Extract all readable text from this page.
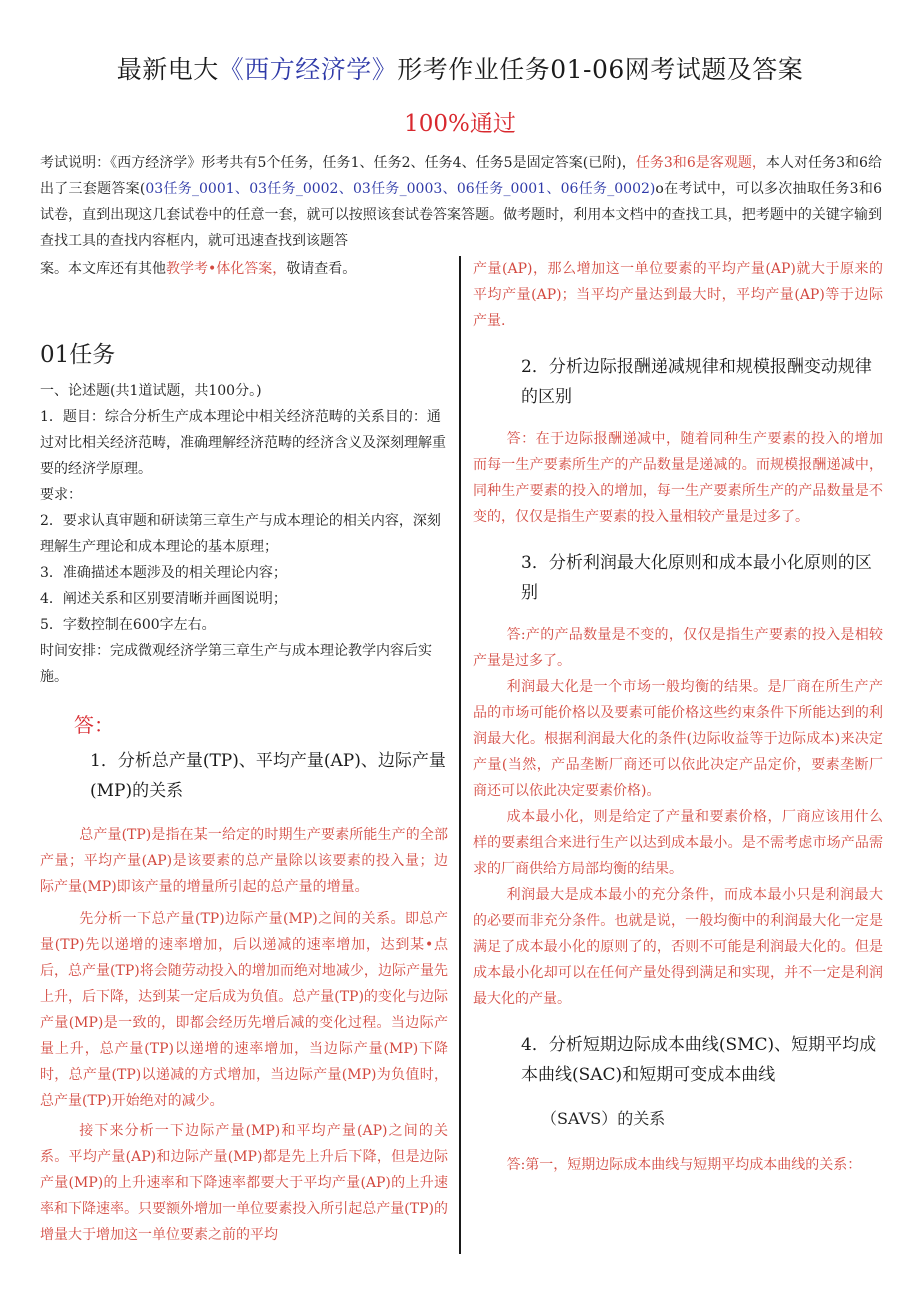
最新电大《西方经济学》形考作业任务01-06网考试题及答案
100%通过
考试说明：《西方经济学》形考共有5个任务，任务1、任务2、任务4、任务5是固定答案(已附)，任务3和6是客观题，本人对任务3和6给出了三套题答案(03任务_0001、03任务_0002、03任务_0003、06任务_0001、06任务_0002)o在考试中，可以多次抽取任务3和6试卷，直到出现这几套试卷中的任意一套，就可以按照该套试卷答案答题。做考题时，利用本文档中的查找工具，把考题中的关键字输到查找工具的查找内容框内，就可迅速查找到该题答

案。本文库还有其他教学考•体化答案，敬请查看。

01任务

一、论述题(共1道试题，共100分。)

1．题目：综合分析生产成本理论中相关经济范畴的关系目的：通过对比相关经济范畴，准确理解经济范畴的经济含义及深刻理解重要的经济学原理。

要求：

2．要求认真审题和研读第三章生产与成本理论的相关内容，深刻理解生产理论和成本理论的基本原理；

3．准确描述本题涉及的相关理论内容；

4．阐述关系和区别要清晰并画图说明；

5．字数控制在600字左右。

时间安排：完成微观经济学第三章生产与成本理论教学内容后实施。

答：

1．分析总产量(TP)、平均产量(AP)、边际产量(MP)的关系

总产量(TP)是指在某一给定的时期生产要素所能生产的全部产量；平均产量(AP)是该要素的总产量除以该要素的投入量；边际产量(MP)即该产量的增量所引起的总产量的增量。

先分析一下总产量(TP)边际产量(MP)之间的关系。即总产量(TP)先以递增的速率增加，后以递减的速率增加，达到某•点后，总产量(TP)将会随劳动投入的增加而绝对地减少，边际产量先上升，后下降，达到某一定后成为负值。总产量(TP)的变化与边际产量(MP)是一致的，即都会经历先增后减的变化过程。当边际产量上升，总产量(TP)以递增的速率增加，当边际产量(MP)下降时，总产量(TP)以递减的方式增加，当边际产量(MP)为负值时，总产量(TP)开始绝对的减少。

接下来分析一下边际产量(MP)和平均产量(AP)之间的关系。平均产量(AP)和边际产量(MP)都是先上升后下降，但是边际产量(MP)的上升速率和下降速率都要大于平均产量(AP)的上升速率和下降速率。只要额外增加一单位要素投入所引起总产量(TP)的增量大于增加这一单位要素之前的平均

产量(AP)，那么增加这一单位要素的平均产量(AP)就大于原来的平均产量(AP)；当平均产量达到最大时，平均产量(AP)等于边际产量.

2．分析边际报酬递减规律和规模报酬变动规律的区别

答：在于边际报酬递减中，随着同种生产要素的投入的增加而每一生产要素所生产的产品数量是递减的。而规模报酬递减中，同种生产要素的投入的增加，每一生产要素所生产的产品数量是不变的，仅仅是指生产要素的投入量相较产量是过多了。

3．分析利润最大化原则和成本最小化原则的区别

答:产的产品数量是不变的，仅仅是指生产要素的投入是相较产量是过多了。

利润最大化是一个市场一般均衡的结果。是厂商在所生产产品的市场可能价格以及要素可能价格这些约束条件下所能达到的利润最大化。根据利润最大化的条件(边际收益等于边际成本)来决定产量(当然，产品垄断厂商还可以依此决定产品定价，要素垄断厂商还可以依此决定要素价格)。

成本最小化，则是给定了产量和要素价格，厂商应该用什么样的要素组合来进行生产以达到成本最小。是不需考虑市场产品需求的厂商供给方局部均衡的结果。

利润最大是成本最小的充分条件，而成本最小只是利润最大的必要而非充分条件。也就是说，一般均衡中的利润最大化一定是满足了成本最小化的原则了的，否则不可能是利润最大化的。但是成本最小化却可以在任何产量处得到满足和实现，并不一定是利润最大化的产量。

4．分析短期边际成本曲线(SMC)、短期平均成本曲线(SAC)和短期可变成本曲线

（SAVS）的关系

答:第一，短期边际成本曲线与短期平均成本曲线的关系：
